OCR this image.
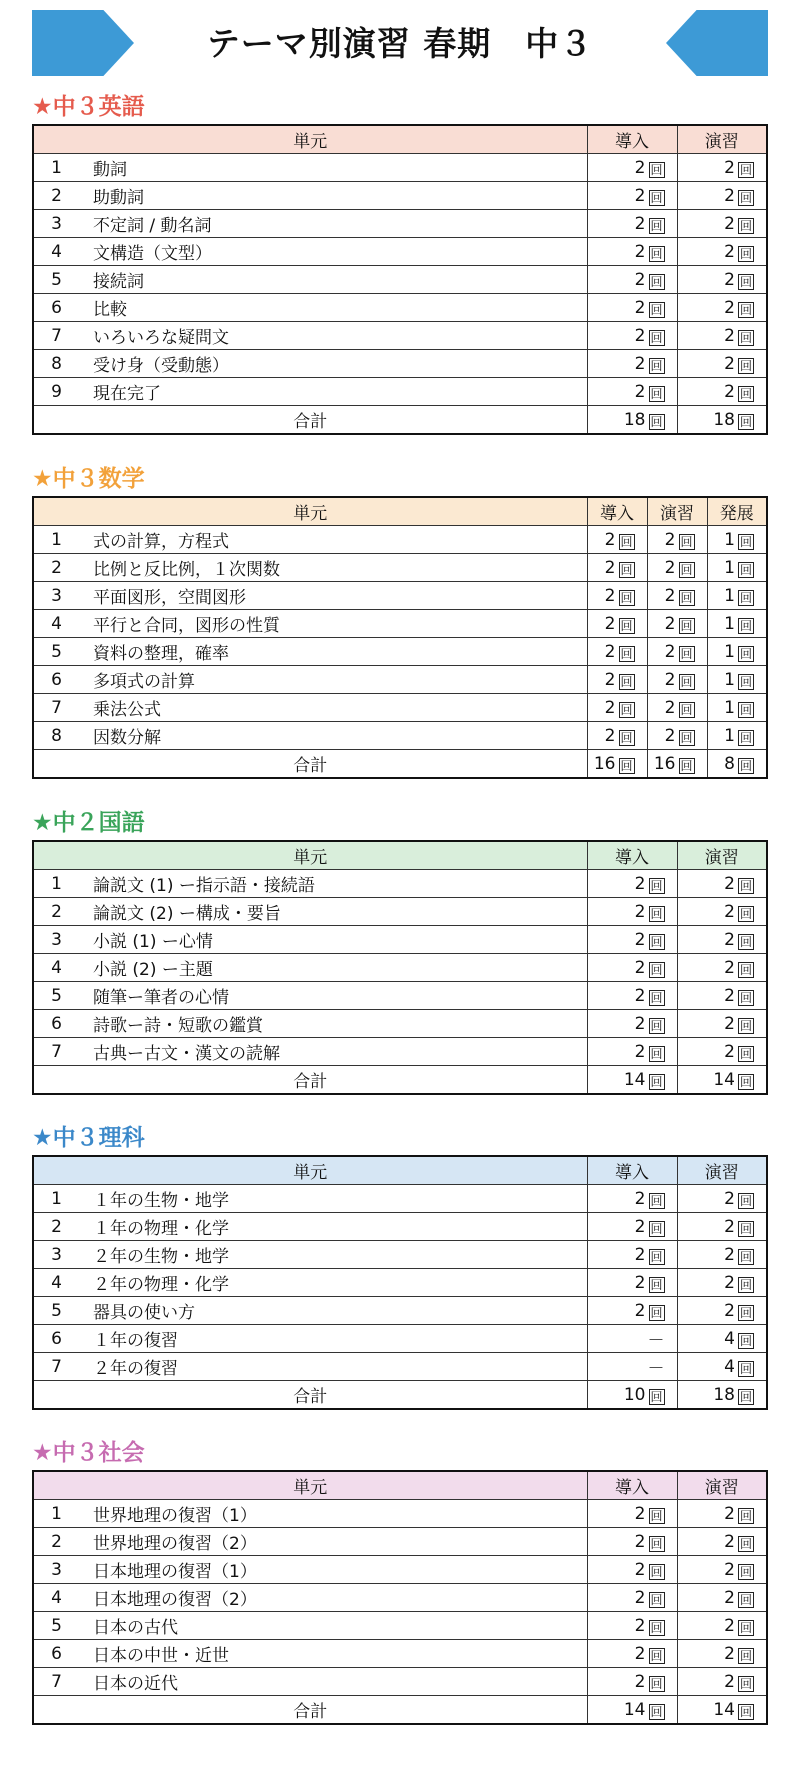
テーマ別演習 春期　中３
★中３英語
単元		導入	演習
1	動詞	2 回	2 回
2	助動詞	2 回	2 回
3	不定詞 / 動名詞	2 回	2 回
4	文構造（文型）	2 回	2 回
5	接続詞	2 回	2 回
6	比較	2 回	2 回
7	いろいろな疑問文	2 回	2 回
8	受け身（受動態）	2 回	2 回
9	現在完了	2 回	2 回
合計		18 回	18 回
★中３数学
単元		導入	演習	発展
1	式の計算，方程式	2 回	2 回	1 回
2	比例と反比例，１次関数	2 回	2 回	1 回
3	平面図形，空間図形	2 回	2 回	1 回
4	平行と合同，図形の性質	2 回	2 回	1 回
5	資料の整理，確率	2 回	2 回	1 回
6	多項式の計算	2 回	2 回	1 回
7	乗法公式	2 回	2 回	1 回
8	因数分解	2 回	2 回	1 回
合計		16 回	16 回	8 回
★中２国語
単元		導入	演習
1	論説文 (1) ー指示語・接続語	2 回	2 回
2	論説文 (2) ー構成・要旨	2 回	2 回
3	小説 (1) ー心情	2 回	2 回
4	小説 (2) ー主題	2 回	2 回
5	随筆ー筆者の心情	2 回	2 回
6	詩歌ー詩・短歌の鑑賞	2 回	2 回
7	古典ー古文・漢文の読解	2 回	2 回
合計		14 回	14 回
★中３理科
単元		導入	演習
1	１年の生物・地学	2 回	2 回
2	１年の物理・化学	2 回	2 回
3	２年の生物・地学	2 回	2 回
4	２年の物理・化学	2 回	2 回
5	器具の使い方	2 回	2 回
6	１年の復習	－	4 回
7	２年の復習	－	4 回
合計		10 回	18 回
★中３社会
単元		導入	演習
1	世界地理の復習（1）	2 回	2 回
2	世界地理の復習（2）	2 回	2 回
3	日本地理の復習（1）	2 回	2 回
4	日本地理の復習（2）	2 回	2 回
5	日本の古代	2 回	2 回
6	日本の中世・近世	2 回	2 回
7	日本の近代	2 回	2 回
合計		14 回	14 回
